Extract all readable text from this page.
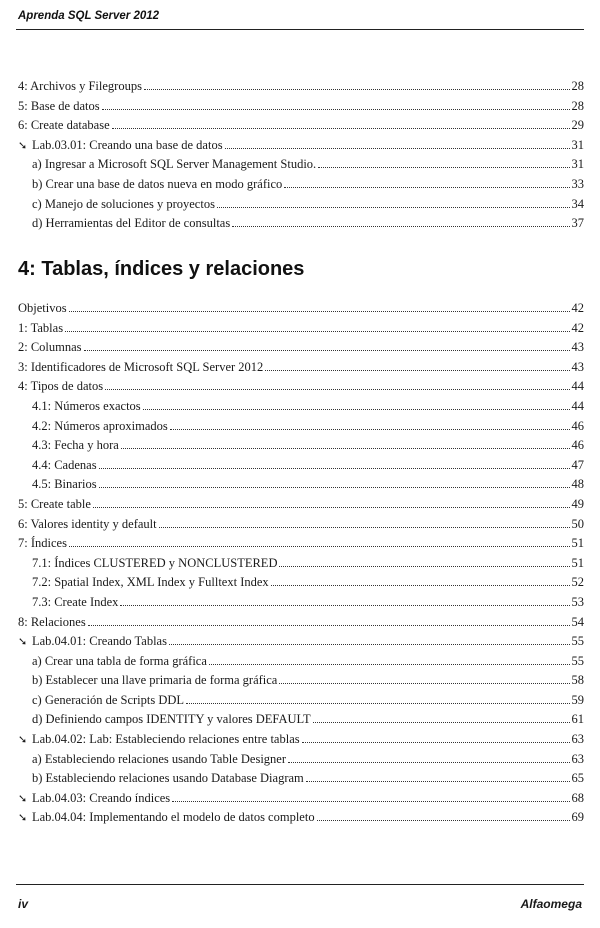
Aprenda SQL Server 2012
4: Archivos y Filegroups	28
5: Base de datos	28
6: Create database	29
➘ Lab.03.01: Creando una base de datos	31
a) Ingresar a Microsoft SQL Server Management Studio.	31
b) Crear una base de datos nueva en modo gráfico	33
c) Manejo de soluciones y proyectos	34
d) Herramientas del Editor de consultas	37
4: Tablas, índices y relaciones
Objetivos	42
1: Tablas	42
2: Columnas	43
3: Identificadores de Microsoft SQL Server 2012	43
4: Tipos de datos	44
4.1: Números exactos	44
4.2: Números aproximados	46
4.3: Fecha y hora	46
4.4: Cadenas	47
4.5: Binarios	48
5: Create table	49
6: Valores identity y default	50
7: Índices	51
7.1: Índices CLUSTERED y NONCLUSTERED	51
7.2: Spatial Index, XML Index y Fulltext Index	52
7.3: Create Index	53
8: Relaciones	54
➘ Lab.04.01: Creando Tablas	55
a) Crear una tabla de forma gráfica	55
b) Establecer una llave primaria de forma gráfica	58
c) Generación de Scripts DDL	59
d) Definiendo campos IDENTITY y valores DEFAULT	61
➘ Lab.04.02: Lab: Estableciendo relaciones entre tablas	63
a) Estableciendo relaciones usando Table Designer	63
b) Estableciendo relaciones usando Database Diagram	65
➘ Lab.04.03: Creando índices	68
➘ Lab.04.04: Implementando el modelo de datos completo	69
iv	Alfaomega
